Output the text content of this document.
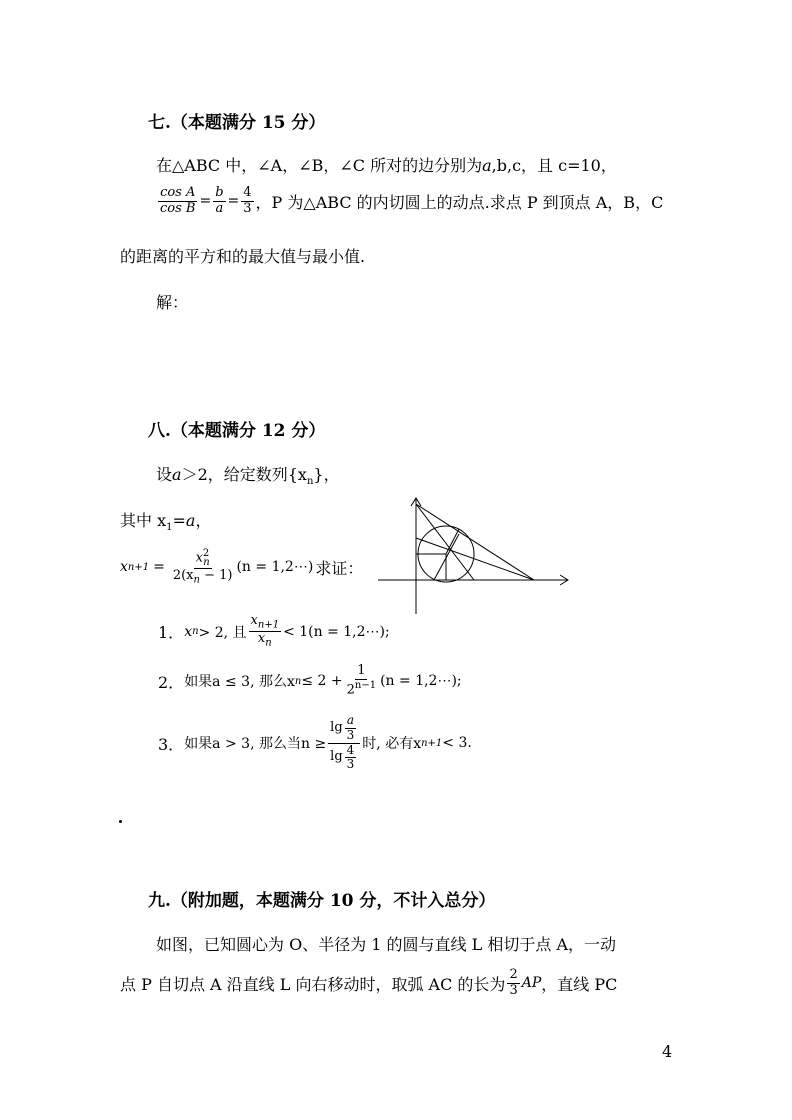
七.（本题满分 15 分）
在△ABC 中，∠A，∠B，∠C 所对的边分别为a,b,c，且 c=10，
$\frac{\text{cos A}}{\text{cos B}} = \frac{b}{a} = \frac{4}{3}$ ，P 为△ABC 的内切圆上的动点.求点 P 到顶点 A，B，C
的距离的平方和的最大值与最小值.
解：
八.（本题满分 12 分）
设a＞2，给定数列$\{x_n\}$，
其中 $x_1=a$，
x $n+1 = \frac{x^2_n}{2(x_n - 1)} (n$ = 1,2⋯) 求证：
1． x n > 2, 且 $\frac{x_{n+1}}{x_n} < 1(n$ = 1,2⋯);
2． 如果a ≤ 3, 那么x $n \le 2 + \frac{1}{2^{n-1}} (n$ = 1,2⋯);
3． 如果a > 3, 那么当$n \ge \frac{\lg \frac{a}{3}}{\lg \frac{4}{3}}$ 时, 必有x n+1 < 3.
九.（附加题，本题满分 10 分，不计入总分）
如图，已知圆心为 O、半径为 1 的圆与直线 L 相切于点 A，一动
点 P 自切点 A 沿直线 L 向右移动时，取弧 AC 的长为 $\frac{2}{3}$ AP ，直线 PC
4
